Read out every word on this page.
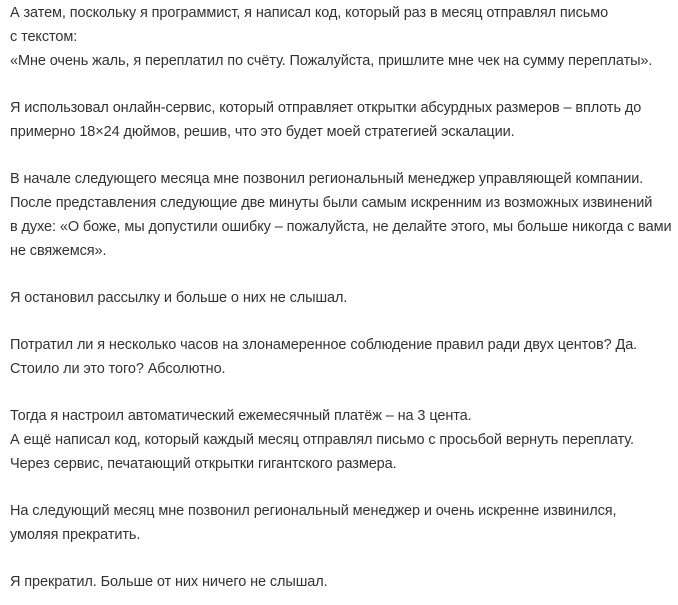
А затем, поскольку я программист, я написал код, который раз в месяц отправлял письмо
с текстом:
«Мне очень жаль, я переплатил по счёту. Пожалуйста, пришлите мне чек на сумму переплаты».

Я использовал онлайн-сервис, который отправляет открытки абсурдных размеров – вплоть до
примерно 18×24 дюймов, решив, что это будет моей стратегией эскалации.

В начале следующего месяца мне позвонил региональный менеджер управляющей компании.
После представления следующие две минуты были самым искренним из возможных извинений
в духе: «О боже, мы допустили ошибку – пожалуйста, не делайте этого, мы больше никогда с вами
не свяжемся».

Я остановил рассылку и больше о них не слышал.

Потратил ли я несколько часов на злонамеренное соблюдение правил ради двух центов? Да.
Стоило ли это того? Абсолютно.

Тогда я настроил автоматический ежемесячный платёж – на 3 цента.
А ещё написал код, который каждый месяц отправлял письмо с просьбой вернуть переплату.
Через сервис, печатающий открытки гигантского размера.

На следующий месяц мне позвонил региональный менеджер и очень искренне извинился,
умоляя прекратить.

Я прекратил. Больше от них ничего не слышал.
